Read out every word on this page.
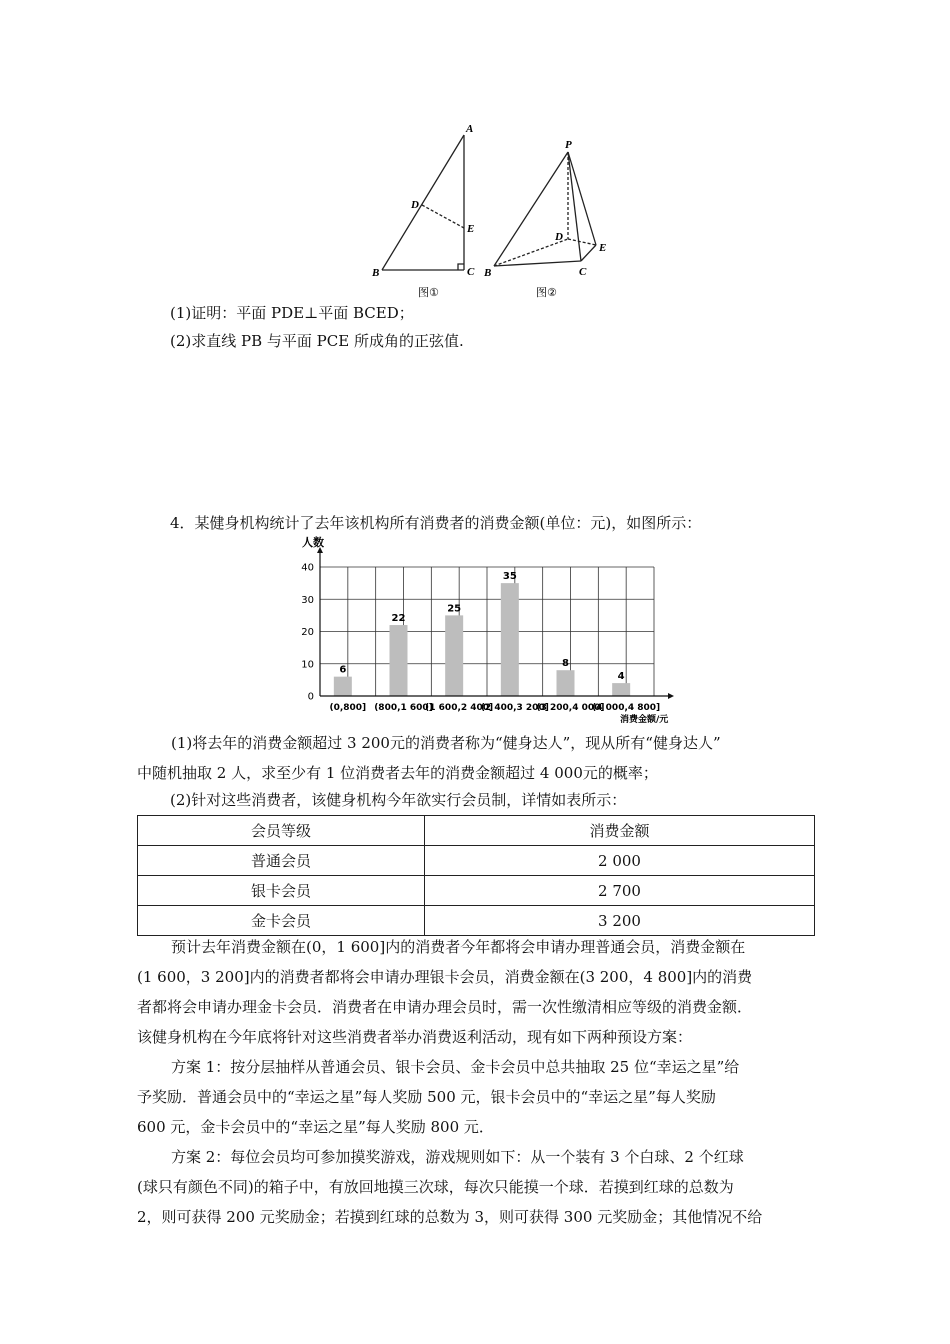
A
B	C
D
E
图①
P
B	C
D
E
图②
(1)证明：平面 PDE⊥平面 BCED；
(2)求直线 PB 与平面 PCE 所成角的正弦值.
4．某健身机构统计了去年该机构所有消费者的消费金额(单位：元)，如图所示：
0
10
20
30
40
6
(0,800]
22
(800,1 600]
25
(1 600,2 400]
35
(2 400,3 200]
8
(3 200,4 000]
4
(4 000,4 800]
人数
消费金额/元
(1)将去年的消费金额超过 3 200元的消费者称为“健身达人”，现从所有“健身达人”
中随机抽取 2 人，求至少有 1 位消费者去年的消费金额超过 4 000元的概率；
(2)针对这些消费者，该健身机构今年欲实行会员制，详情如表所示：
会员等级	消费金额
普通会员	2 000
银卡会员	2 700
金卡会员	3 200
预计去年消费金额在(0，1 600]内的消费者今年都将会申请办理普通会员，消费金额在
(1 600，3 200]内的消费者都将会申请办理银卡会员，消费金额在(3 200，4 800]内的消费
者都将会申请办理金卡会员．消费者在申请办理会员时，需一次性缴清相应等级的消费金额．
该健身机构在今年底将针对这些消费者举办消费返利活动，现有如下两种预设方案：
方案 1：按分层抽样从普通会员、银卡会员、金卡会员中总共抽取 25 位“幸运之星”给
予奖励．普通会员中的“幸运之星”每人奖励 500 元，银卡会员中的“幸运之星”每人奖励
600 元，金卡会员中的“幸运之星”每人奖励 800 元．
方案 2：每位会员均可参加摸奖游戏，游戏规则如下：从一个装有 3 个白球、2 个红球
(球只有颜色不同)的箱子中，有放回地摸三次球，每次只能摸一个球．若摸到红球的总数为
2，则可获得 200 元奖励金；若摸到红球的总数为 3，则可获得 300 元奖励金；其他情况不给
